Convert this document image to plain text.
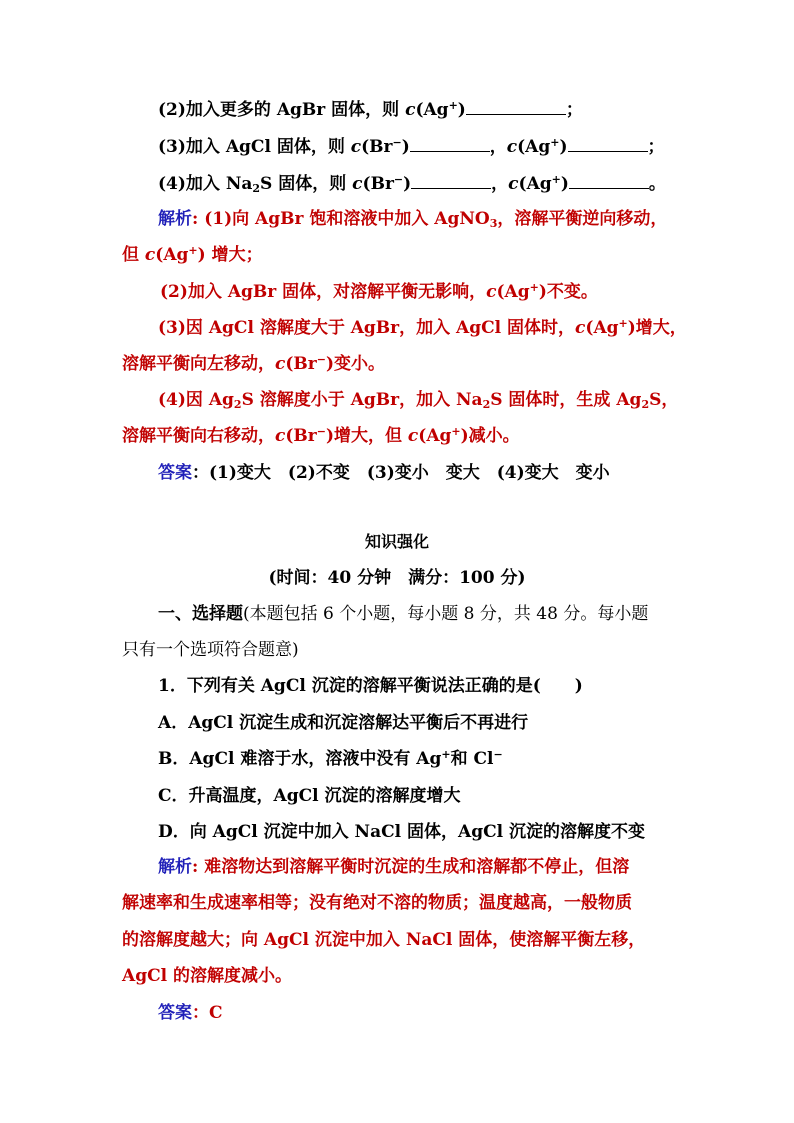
(2)加入更多的 AgBr 固体，则 c(Ag+)	；
(3)加入 AgCl 固体，则 c(Br−)	，c(Ag+)	；
(4)加入 $Na_2S$ 固体，则 c(Br−)	，c(Ag+)	。
解析: (1)向 AgBr 饱和溶液中加入 AgNO$_3$，溶解平衡逆向移动，
但 c(Ag+) 增大；
(2)加入 AgBr 固体，对溶解平衡无影响，c(Ag+)不变。
(3)因 AgCl 溶解度大于 AgBr，加入 AgCl 固体时，c(Ag+)增大，
溶解平衡向左移动，c(Br−)变小。
(4)因 $Ag_2S$ 溶解度小于 AgBr，加入 $Na_2S$ 固体时，生成 $Ag_2S$，
溶解平衡向右移动，c(Br−)增大，但 c(Ag+)减小。
答案：(1)变大　(2)不变　(3)变小　变大　(4)变大　变小
知识强化
(时间：40 分钟　满分：100 分)
一、选择题(本题包括 6 个小题，每小题 8 分，共 48 分。每小题
只有一个选项符合题意)
1．下列有关 AgCl 沉淀的溶解平衡说法正确的是(　　)
A．AgCl 沉淀生成和沉淀溶解达平衡后不再进行
B．AgCl 难溶于水，溶液中没有 Ag+和 Cl−
C．升高温度，AgCl 沉淀的溶解度增大
D．向 AgCl 沉淀中加入 NaCl 固体，AgCl 沉淀的溶解度不变
解析: 难溶物达到溶解平衡时沉淀的生成和溶解都不停止，但溶
解速率和生成速率相等；没有绝对不溶的物质；温度越高，一般物质
的溶解度越大；向 AgCl 沉淀中加入 NaCl 固体，使溶解平衡左移，
AgCl 的溶解度减小。
答案：C
